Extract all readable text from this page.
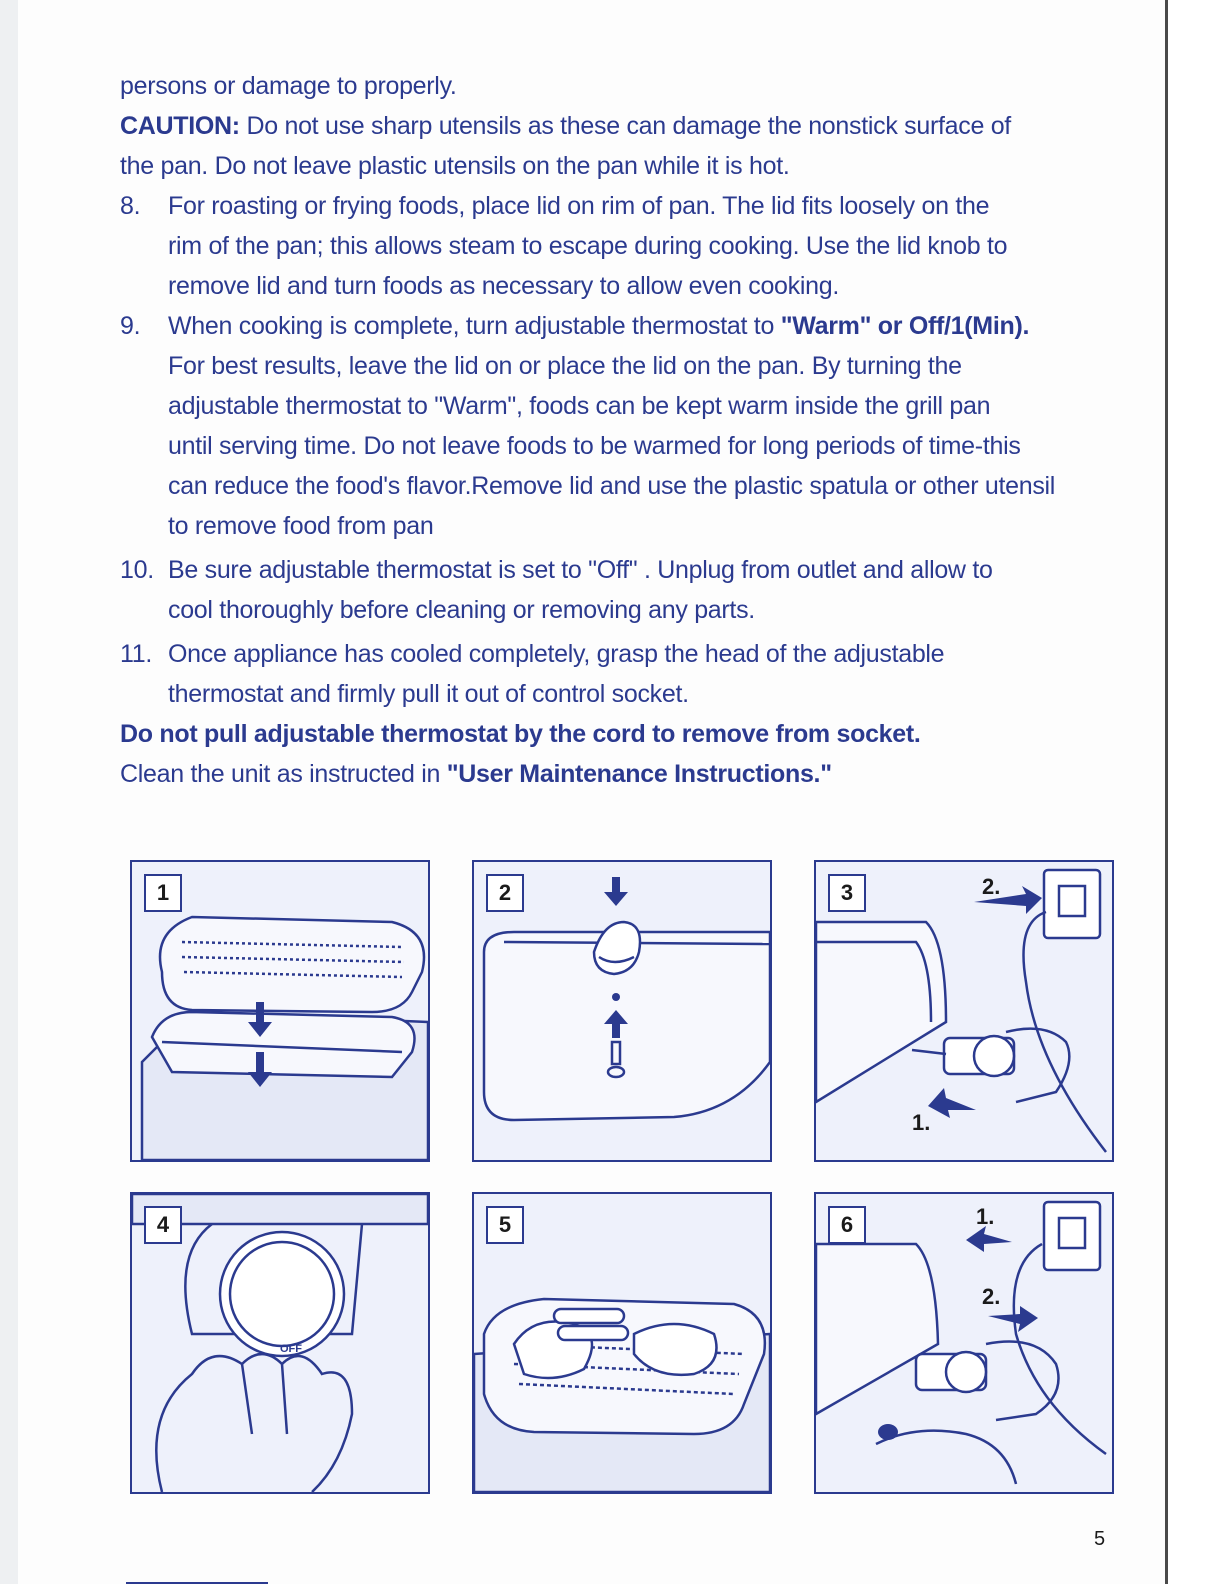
persons or damage to properly.
CAUTION: Do not use sharp utensils as these can damage the nonstick surface of
the pan. Do not leave plastic utensils on the pan while it is hot.
8. For roasting or frying foods, place lid on rim of pan. The lid fits loosely on the
rim of the pan; this allows steam to escape during cooking. Use the lid knob to
remove lid and turn foods as necessary to allow even cooking.
9. When cooking is complete, turn adjustable thermostat to "Warm" or Off/1(Min).
For best results, leave the lid on or place the lid on the pan. By turning the
adjustable thermostat to "Warm", foods can be kept warm inside the grill pan
until serving time. Do not leave foods to be warmed for long periods of time-this
can reduce the food's flavor.Remove lid and use the plastic spatula or other utensil
to remove food from pan
10. Be sure adjustable thermostat is set to "Off" . Unplug from outlet and allow to
cool thoroughly before cleaning or removing any parts.
11. Once appliance has cooled completely, grasp the head of the adjustable
thermostat and firmly pull it out of control socket.
Do not pull adjustable thermostat by the cord to remove from socket.
Clean the unit as instructed in "User Maintenance Instructions."
1	2	3	2.
1.
4
OFF
5	6	1.
2.
5
